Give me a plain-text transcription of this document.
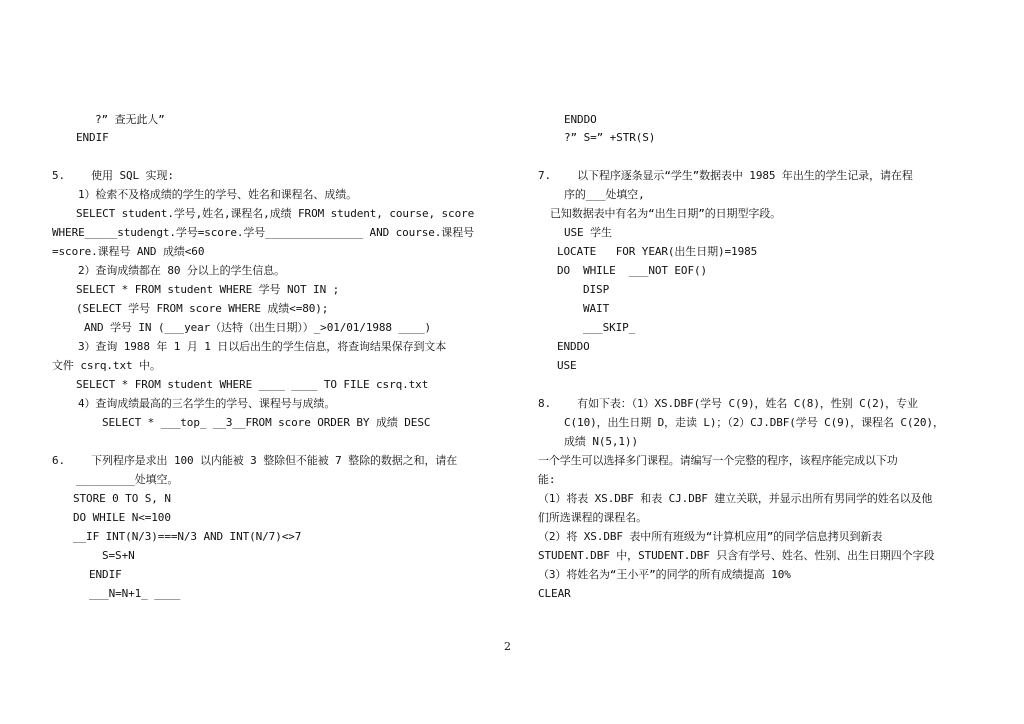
?” 查无此人”
ENDIF
5.    使用 SQL 实现:
1）检索不及格成绩的学生的学号、姓名和课程名、成绩。
SELECT student.学号,姓名,课程名,成绩 FROM student, course, score
WHERE_____studengt.学号=score.学号_______________ AND course.课程号
=score.课程号 AND 成绩<60
2）查询成绩都在 80 分以上的学生信息。
SELECT * FROM student WHERE 学号 NOT IN ;
(SELECT 学号 FROM score WHERE 成绩<=80);
AND 学号 IN (___year（达特（出生日期））_>01/01/1988 ____)
3）查询 1988 年 1 月 1 日以后出生的学生信息，将查询结果保存到文本
文件 csrq.txt 中。
SELECT * FROM student WHERE ____ ____ TO FILE csrq.txt
4）查询成绩最高的三名学生的学号、课程号与成绩。
SELECT * ___top_ __3__FROM score ORDER BY 成绩 DESC
6.    下列程序是求出 100 以内能被 3 整除但不能被 7 整除的数据之和，请在
_________处填空。
STORE 0 TO S, N
DO WHILE N<=100
__IF INT(N/3)===N/3 AND INT(N/7)<>7
S=S+N
ENDIF
___N=N+1_ ____
ENDDO
?” S=” +STR(S)
7.    以下程序逐条显示“学生”数据表中 1985 年出生的学生记录，请在程
序的___处填空,
已知数据表中有名为“出生日期”的日期型字段。
USE 学生
LOCATE   FOR YEAR(出生日期)=1985
DO  WHILE  ___NOT EOF()
DISP
WAIT
___SKIP_
ENDDO
USE
8.    有如下表：（1）XS.DBF(学号 C(9)，姓名 C(8)，性别 C(2)，专业
C(10)，出生日期 D，走读 L)；（2）CJ.DBF(学号 C(9)，课程名 C(20)，
成绩 N(5,1))
一个学生可以选择多门课程。请编写一个完整的程序，该程序能完成以下功
能:
（1）将表 XS.DBF 和表 CJ.DBF 建立关联，并显示出所有男同学的姓名以及他
们所选课程的课程名。
（2）将 XS.DBF 表中所有班级为“计算机应用”的同学信息拷贝到新表
STUDENT.DBF 中，STUDENT.DBF 只含有学号、姓名、性别、出生日期四个字段
（3）将姓名为“王小平”的同学的所有成绩提高 10%
CLEAR
2
